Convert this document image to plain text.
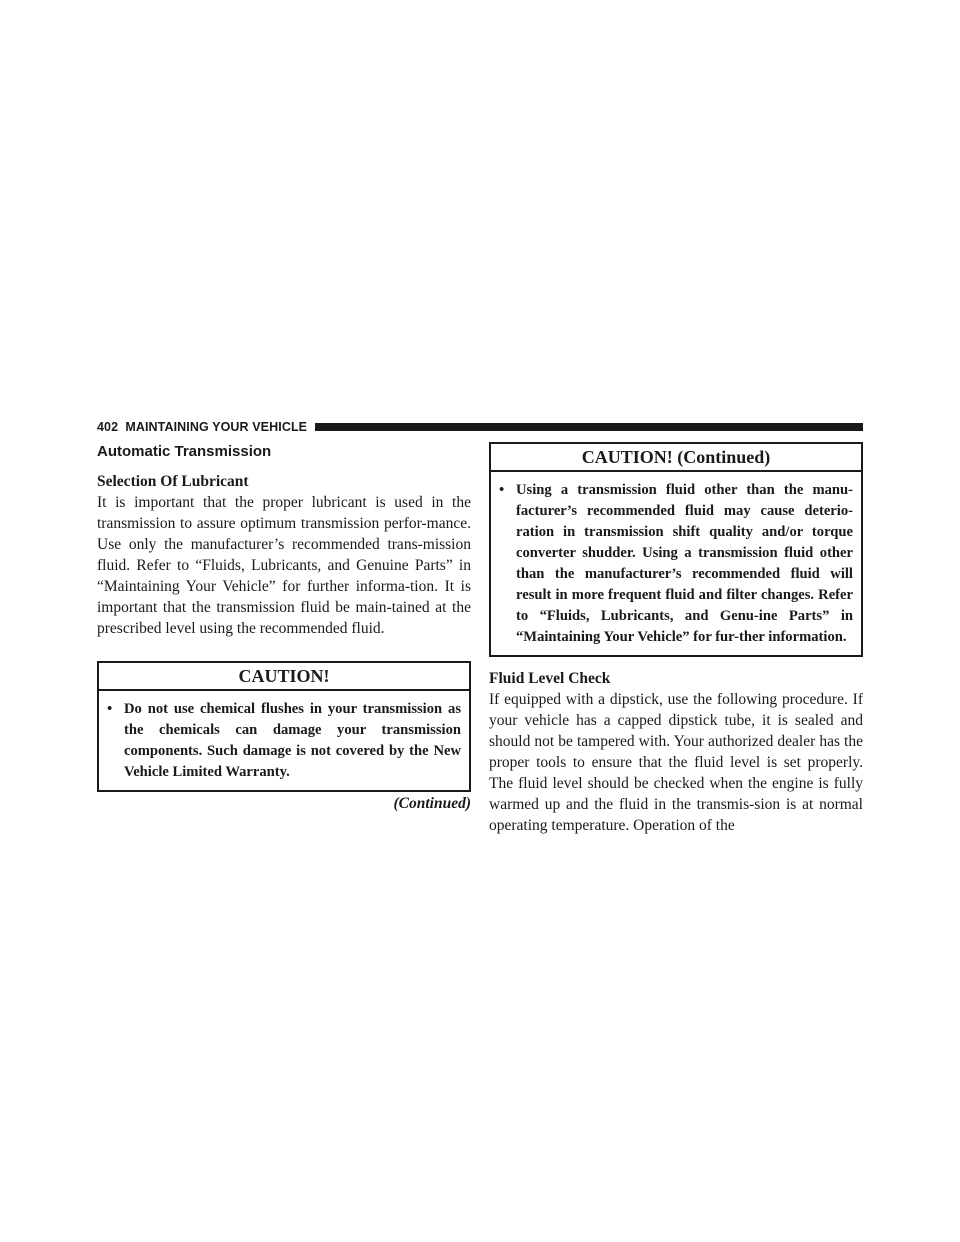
402 MAINTAINING YOUR VEHICLE
Automatic Transmission
Selection Of Lubricant

It is important that the proper lubricant is used in the transmission to assure optimum transmission perfor-mance. Use only the manufacturer’s recommended trans-mission fluid. Refer to “Fluids, Lubricants, and Genuine Parts” in “Maintaining Your Vehicle” for further informa-tion. It is important that the transmission fluid be main-tained at the prescribed level using the recommended fluid.

CAUTION!
• Do not use chemical flushes in your transmission as the chemicals can damage your transmission components. Such damage is not covered by the New Vehicle Limited Warranty.

(Continued)

CAUTION! (Continued)
• Using a transmission fluid other than the manu-facturer’s recommended fluid may cause deterio-ration in transmission shift quality and/or torque converter shudder. Using a transmission fluid other than the manufacturer’s recommended fluid will result in more frequent fluid and filter changes. Refer to “Fluids, Lubricants, and Genu-ine Parts” in “Maintaining Your Vehicle” for fur-ther information.

Fluid Level Check

If equipped with a dipstick, use the following procedure. If your vehicle has a capped dipstick tube, it is sealed and should not be tampered with. Your authorized dealer has the proper tools to ensure that the fluid level is set properly. The fluid level should be checked when the engine is fully warmed up and the fluid in the transmis-sion is at normal operating temperature. Operation of the
